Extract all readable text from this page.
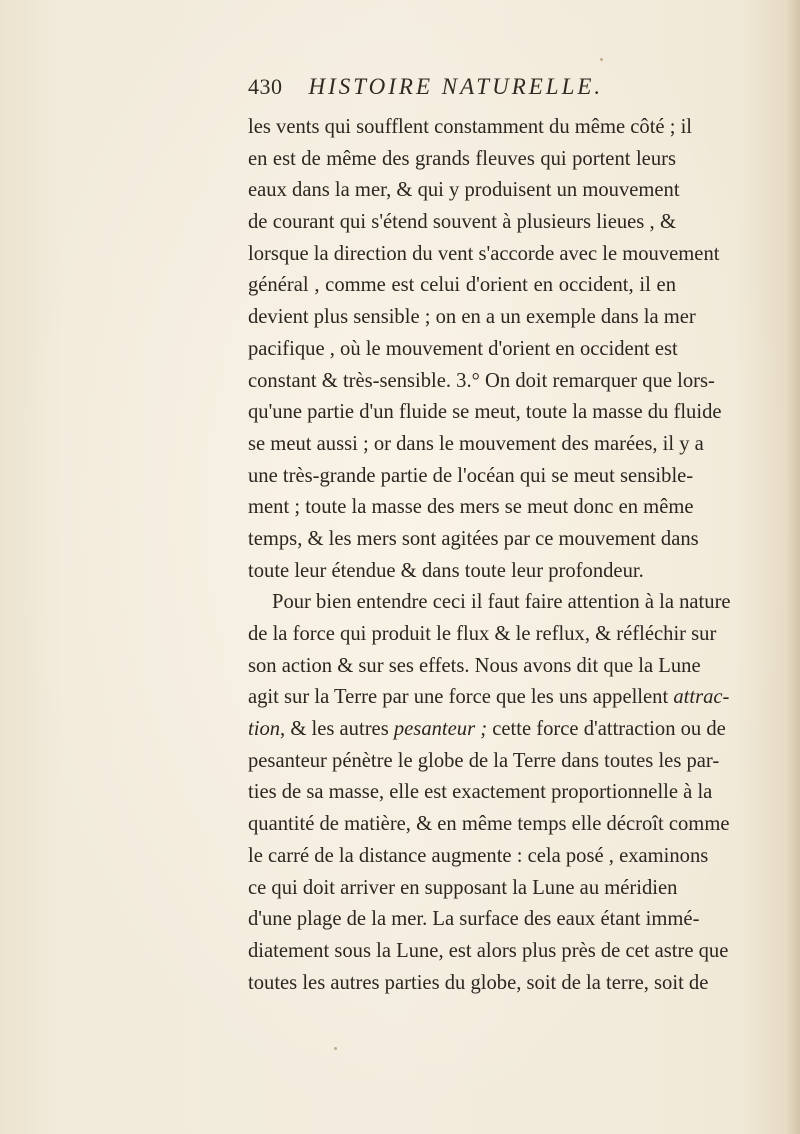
430 HISTOIRE NATURELLE.
les vents qui soufflent constamment du même côté ; il
en est de même des grands fleuves qui portent leurs
eaux dans la mer, & qui y produisent un mouvement
de courant qui s'étend souvent à plusieurs lieues , &
lorsque la direction du vent s'accorde avec le mouvement
général , comme est celui d'orient en occident, il en
devient plus sensible ; on en a un exemple dans la mer
pacifique , où le mouvement d'orient en occident est
constant & très-sensible. 3.° On doit remarquer que lors-
qu'une partie d'un fluide se meut, toute la masse du fluide
se meut aussi ; or dans le mouvement des marées, il y a
une très-grande partie de l'océan qui se meut sensible-
ment ; toute la masse des mers se meut donc en même
temps, & les mers sont agitées par ce mouvement dans
toute leur étendue & dans toute leur profondeur.
Pour bien entendre ceci il faut faire attention à la nature
de la force qui produit le flux & le reflux, & réfléchir sur
son action & sur ses effets. Nous avons dit que la Lune
agit sur la Terre par une force que les uns appellent attrac-
tion, & les autres pesanteur ; cette force d'attraction ou de
pesanteur pénètre le globe de la Terre dans toutes les par-
ties de sa masse, elle est exactement proportionnelle à la
quantité de matière, & en même temps elle décroît comme
le carré de la distance augmente : cela posé , examinons
ce qui doit arriver en supposant la Lune au méridien
d'une plage de la mer. La surface des eaux étant immé-
diatement sous la Lune, est alors plus près de cet astre que
toutes les autres parties du globe, soit de la terre, soit de
